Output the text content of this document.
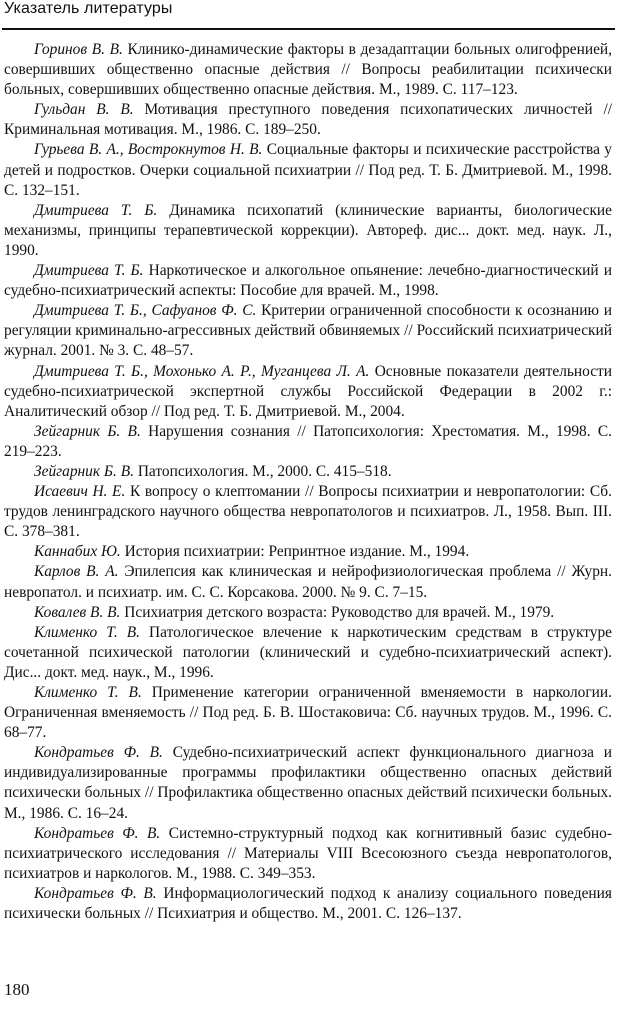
Указатель литературы

Горинов В. В. Клинико-динамические факторы в дезадаптации больных олигофренией, совершивших общественно опасные действия // Вопросы реабилитации психически больных, совершивших общественно опасные действия. М., 1989. С. 117–123.

Гульдан В. В. Мотивация преступного поведения психопатических личностей // Криминальная мотивация. М., 1986. С. 189–250.

Гурьева В. А., Вострокнутов Н. В. Социальные факторы и психические расстройства у детей и подростков. Очерки социальной психиатрии // Под ред. Т. Б. Дмитриевой. М., 1998. С. 132–151.

Дмитриева Т. Б. Динамика психопатий (клинические варианты, биологические механизмы, принципы терапевтической коррекции). Автореф. дис... докт. мед. наук. Л., 1990.

Дмитриева Т. Б. Наркотическое и алкогольное опьянение: лечебно-диагностический и судебно-психиатрический аспекты: Пособие для врачей. М., 1998.

Дмитриева Т. Б., Сафуанов Ф. С. Критерии ограниченной способности к осознанию и регуляции криминально-агрессивных действий обвиняемых // Российский психиатрический журнал. 2001. № 3. С. 48–57.

Дмитриева Т. Б., Мохонько А. Р., Муганцева Л. А. Основные показатели деятельности судебно-психиатрической экспертной службы Российской Федерации в 2002 г.: Аналитический обзор // Под ред. Т. Б. Дмитриевой. М., 2004.

Зейгарник Б. В. Нарушения сознания // Патопсихология: Хрестоматия. М., 1998. С. 219–223.

Зейгарник Б. В. Патопсихология. М., 2000. С. 415–518.

Исаевич Н. Е. К вопросу о клептомании // Вопросы психиатрии и невропатологии: Сб. трудов ленинградского научного общества невропатологов и психиатров. Л., 1958. Вып. III. С. 378–381.

Каннабих Ю. История психиатрии: Репринтное издание. М., 1994.

Карлов В. А. Эпилепсия как клиническая и нейрофизиологическая проблема // Журн. невропатол. и психиатр. им. С. С. Корсакова. 2000. № 9. С. 7–15.

Ковалев В. В. Психиатрия детского возраста: Руководство для врачей. М., 1979.

Клименко Т. В. Патологическое влечение к наркотическим средствам в структуре сочетанной психической патологии (клинический и судебно-психиатрический аспект). Дис... докт. мед. наук., М., 1996.

Клименко Т. В. Применение категории ограниченной вменяемости в наркологии. Ограниченная вменяемость // Под ред. Б. В. Шостаковича: Сб. научных трудов. М., 1996. С. 68–77.

Кондратьев Ф. В. Судебно-психиатрический аспект функционального диагноза и индивидуализированные программы профилактики общественно опасных действий психически больных // Профилактика общественно опасных действий психически больных. М., 1986. С. 16–24.

Кондратьев Ф. В. Системно-структурный подход как когнитивный базис судебно-психиатрического исследования // Материалы VIII Всесоюзного съезда невропатологов, психиатров и наркологов. М., 1988. С. 349–353.

Кондратьев Ф. В. Информациологический подход к анализу социального поведения психически больных // Психиатрия и общество. М., 2001. С. 126–137.

180
